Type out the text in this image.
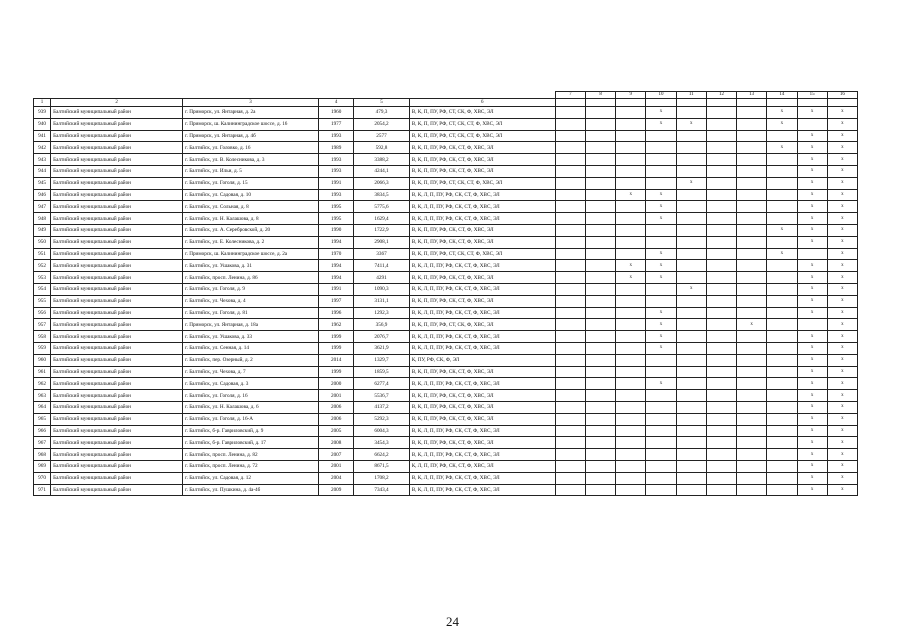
						7	8	9	10	11	12	13	14	15	16
1	2	3	4	5	6										
939	Балтийский муниципальный район	г. Приморск, ул. Янтарная, д. 2а	1960	479,3	В, К, П, ПУ, РФ, СТ, СК, Ф, ХВС, ЭЛ				x				x	x	x
940	Балтийский муниципальный район	г. Приморск, ш. Калининградское шоссе, д. 16	1977	2054,2	В, К, П, ПУ, РФ, СТ, СК, СТ, Ф, ХВС, ЭЛ				x	x			x		x
941	Балтийский муниципальный район	г. Приморск, ул. Янтарная, д. 4б	1993	2577	В, К, П, ПУ, РФ, СТ, СК, СТ, Ф, ХВС, ЭЛ									x	x
942	Балтийский муниципальный район	г. Балтийск, ул. Головко, д. 16	1989	592,8	В, К, П, ПУ, РФ, СК, СТ, Ф, ХВС, ЭЛ								x	x	x
943	Балтийский муниципальный район	г. Балтийск, ул. В. Колесникова, д. 3	1993	3388,2	В, К, П, ПУ, РФ, СК, СТ, Ф, ХВС, ЭЛ									x	x
944	Балтийский муниципальный район	г. Балтийск, ул. Ильи, д. 5	1993	4244,1	В, К, П, ПУ, РФ, СК, СТ, Ф, ХВС, ЭЛ									x	x
945	Балтийский муниципальный район	г. Балтийск, ул. Гоголя, д. 15	1991	2066,3	В, К, П, ПУ, РФ, СТ, СК, СТ, Ф, ХВС, ЭЛ					x				x	x
946	Балтийский муниципальный район	г. Балтийск, ул. Садовая, д. 10	1993	3834,5	В, К, Л, П, ПУ, РФ, СК, СТ, Ф, ХВС, ЭЛ			x	x					x	x
947	Балтийский муниципальный район	г. Балтийск, ул. Сольная, д. 8	1995	5775,6	В, К, Л, П, ПУ, РФ, СК, СТ, Ф, ХВС, ЭЛ				x					x	x
948	Балтийский муниципальный район	г. Балтийск, ул. Н. Калашова, д. 8	1995	1629,4	В, К, Л, П, ПУ, РФ, СК, СТ, Ф, ХВС, ЭЛ				x					x	x
949	Балтийский муниципальный район	г. Балтийск, ул. А. Серебровской, д. 20	1990	1722,9	В, К, П, ПУ, РФ, СК, СТ, Ф, ХВС, ЭЛ								x	x	x
950	Балтийский муниципальный район	г. Балтийск, ул. Е. Колесникова, д. 2	1994	2908,1	В, К, П, ПУ, РФ, СК, СТ, Ф, ХВС, ЭЛ									x	x
951	Балтийский муниципальный район	г. Приморск, ш. Калининградское шоссе, д. 2а	1970	3367	В, К, П, ПУ, РФ, СТ, СК, СТ, Ф, ХВС, ЭЛ				x				x		x
952	Балтийский муниципальный район	г. Балтийск, ул. Ушакова, д. 31	1994	7411,4	В, К, Л, П, ПУ, РФ, СК, СТ, Ф, ХВС, ЭЛ			x	x					x	x
953	Балтийский муниципальный район	г. Балтийск, просп. Ленина, д. 86	1994	4291	В, К, П, ПУ, РФ, СК, СТ, Ф, ХВС, ЭЛ			x	x					x	x
954	Балтийский муниципальный район	г. Балтийск, ул. Гоголя, д. 9	1991	1090,3	В, К, Л, П, ПУ, РФ, СК, СТ, Ф, ХВС, ЭЛ					x				x	x
955	Балтийский муниципальный район	г. Балтийск, ул. Чехова, д. 4	1997	3131,1	В, К, П, ПУ, РФ, СК, СТ, Ф, ХВС, ЭЛ									x	x
956	Балтийский муниципальный район	г. Балтийск, ул. Гоголя, д. 81	1996	1292,3	В, К, Л, П, ПУ, РФ, СК, СТ, Ф, ХВС, ЭЛ				x					x	x
957	Балтийский муниципальный район	г. Приморск, ул. Янтарная, д. 18а	1962	356,9	В, К, П, ПУ, РФ, СТ, СК, Ф, ХВС, ЭЛ				x			x			x
958	Балтийский муниципальный район	г. Балтийск, ул. Ушакова, д. 33	1999	2076,7	В, К, Л, П, ПУ, РФ, СК, СТ, Ф, ХВС, ЭЛ				x					x	x
959	Балтийский муниципальный район	г. Балтийск, ул. Сенная, д. 14	1999	3621,9	В, К, Л, П, ПУ, РФ, СК, СТ, Ф, ХВС, ЭЛ				x					x	x
960	Балтийский муниципальный район	г. Балтийск, пер. Озерный, д. 2	2014	1329,7	К, ПУ, РФ, СК, Ф, ЭЛ									x	x
961	Балтийский муниципальный район	г. Балтийск, ул. Чехова, д. 7	1999	1859,5	В, К, П, ПУ, РФ, СК, СТ, Ф, ХВС, ЭЛ									x	x
962	Балтийский муниципальный район	г. Балтийск, ул. Садовая, д. 3	2000	6277,4	В, К, Л, П, ПУ, РФ, СК, СТ, Ф, ХВС, ЭЛ				x					x	x
963	Балтийский муниципальный район	г. Балтийск, ул. Гоголя, д. 16	2001	5536,7	В, К, П, ПУ, РФ, СК, СТ, Ф, ХВС, ЭЛ									x	x
964	Балтийский муниципальный район	г. Балтийск, ул. Н. Калашова, д. 6	2006	4137,2	В, К, П, ПУ, РФ, СК, СТ, Ф, ХВС, ЭЛ									x	x
965	Балтийский муниципальный район	г. Балтийск, ул. Гоголя, д. 16-А	2006	5292,3	В, К, П, ПУ, РФ, СК, СТ, Ф, ХВС, ЭЛ									x	x
966	Балтийский муниципальный район	г. Балтийск, б-р. Гавриловский, д. 9	2005	6004,3	В, К, Л, П, ПУ, РФ, СК, СТ, Ф, ХВС, ЭЛ									x	x
967	Балтийский муниципальный район	г. Балтийск, б-р. Гавриловский, д. 17	2008	3454,3	В, К, П, ПУ, РФ, СК, СТ, Ф, ХВС, ЭЛ									x	x
968	Балтийский муниципальный район	г. Балтийск, просп. Ленина, д. 82	2007	6624,2	В, К, Л, П, ПУ, РФ, СК, СТ, Ф, ХВС, ЭЛ									x	x
969	Балтийский муниципальный район	г. Балтийск, просп. Ленина, д. 72	2001	8671,5	К, Л, П, ПУ, РФ, СК, СТ, Ф, ХВС, ЭЛ									x	x
970	Балтийский муниципальный район	г. Балтийск, ул. Садовая, д. 12	2004	1708,2	В, К, Л, П, ПУ, РФ, СК, СТ, Ф, ХВС, ЭЛ									x	x
971	Балтийский муниципальный район	г. Балтийск, ул. Пушкина, д. 4а-4б	2009	7343,4	В, К, Л, П, ПУ, РФ, СК, СТ, Ф, ХВС, ЭЛ									x	x
24
